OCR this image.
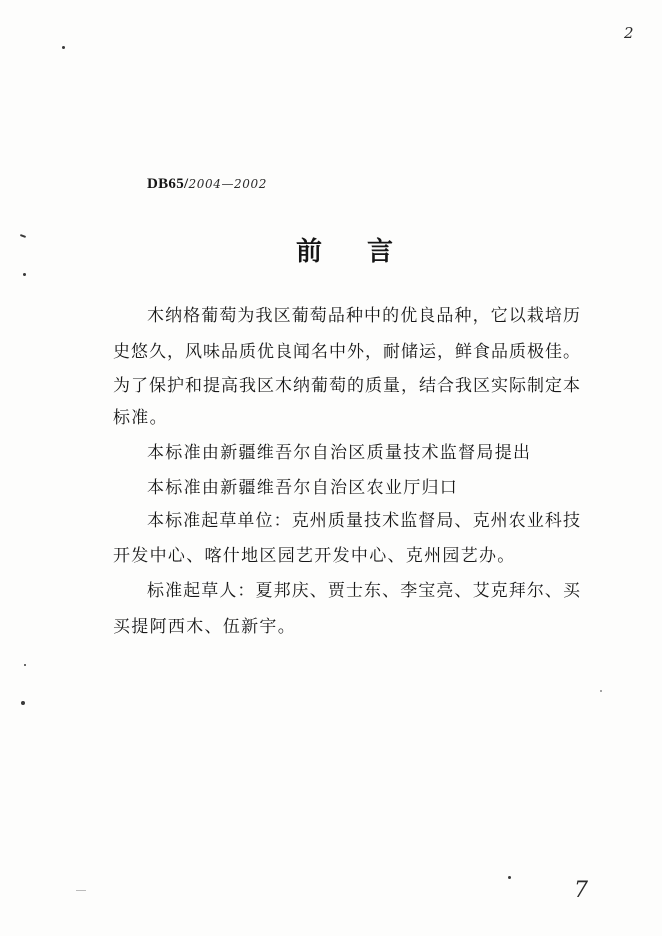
2
7
DB65/2004—2002
前言

木纳格葡萄为我区葡萄品种中的优良品种，它以栽培历

史悠久，风味品质优良闻名中外，耐储运，鲜食品质极佳。

为了保护和提高我区木纳葡萄的质量，结合我区实际制定本

标准。

本标准由新疆维吾尔自治区质量技术监督局提出

本标准由新疆维吾尔自治区农业厅归口

本标准起草单位：克州质量技术监督局、克州农业科技

开发中心、喀什地区园艺开发中心、克州园艺办。

标准起草人：夏邦庆、贾士东、李宝亮、艾克拜尔、买

买提阿西木、伍新宇。
